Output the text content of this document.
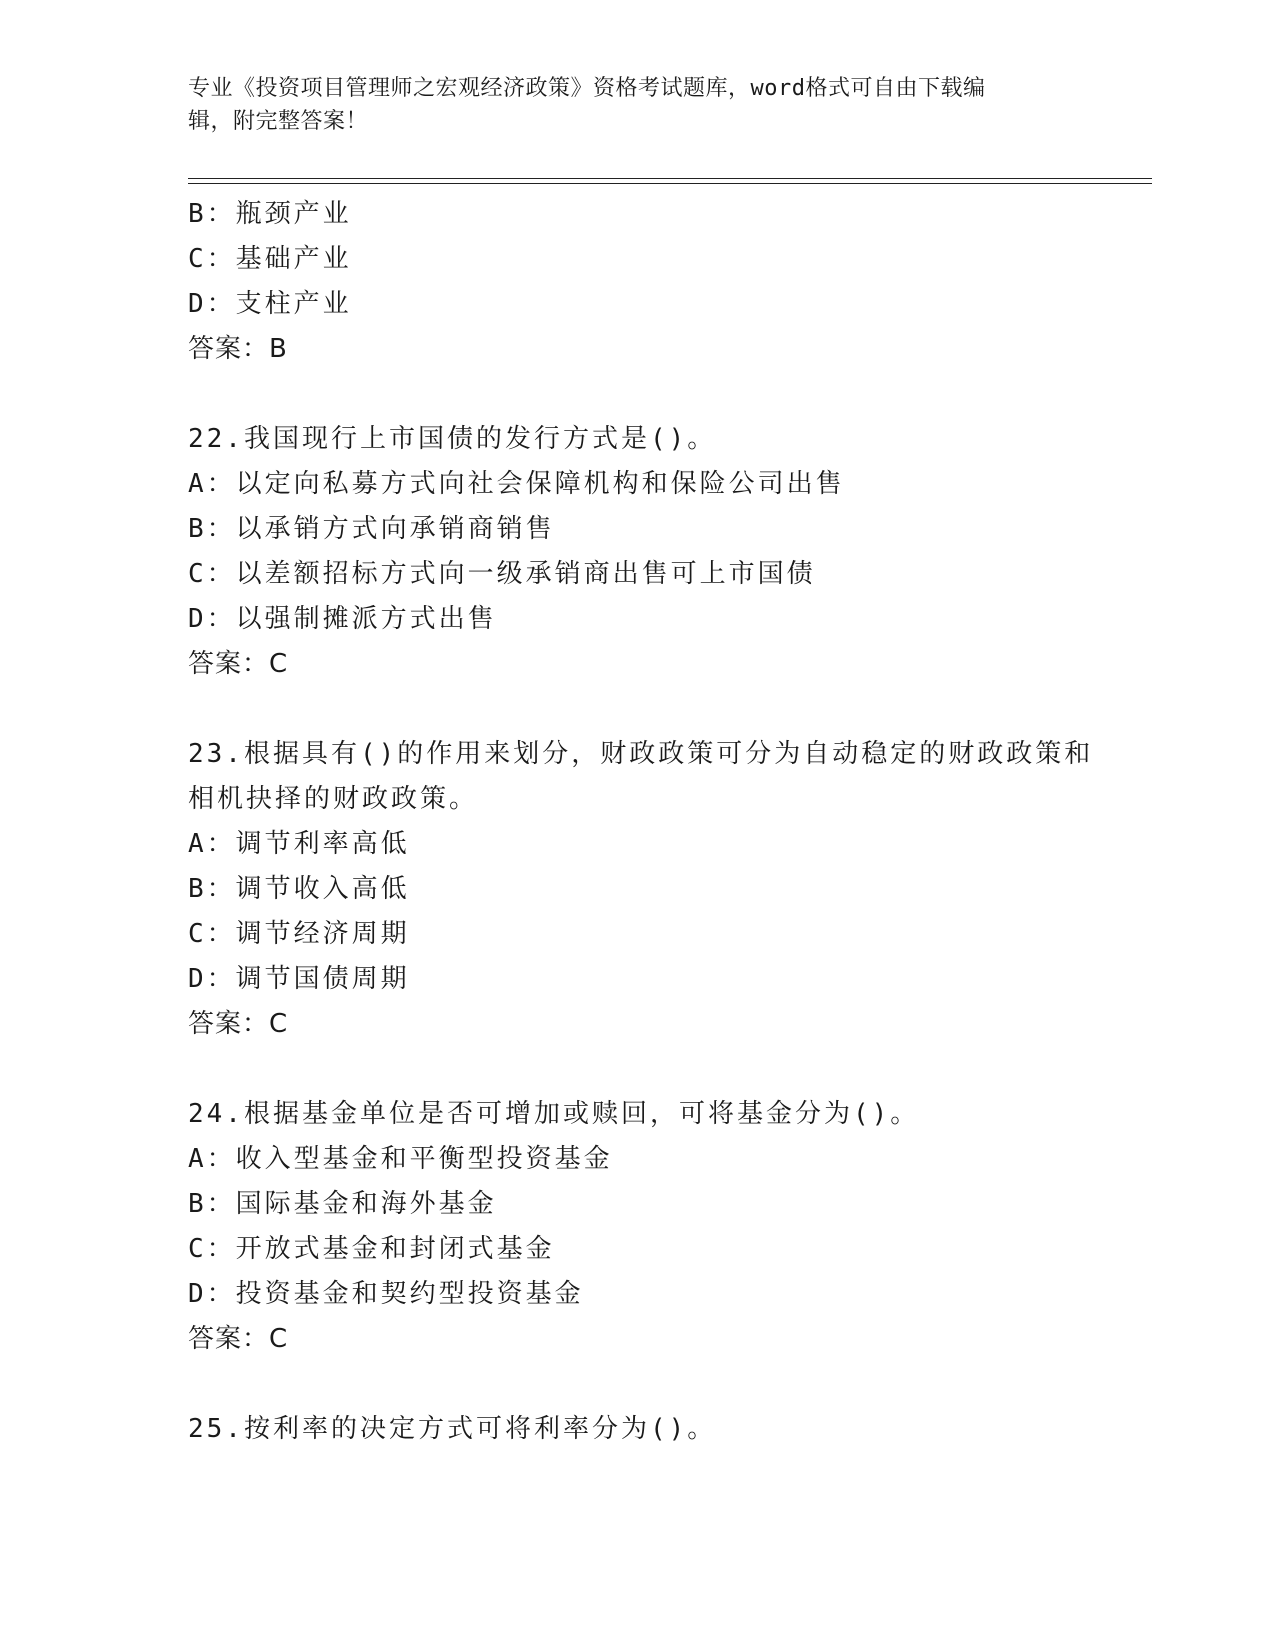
专业《投资项目管理师之宏观经济政策》资格考试题库，word格式可自由下载编
辑，附完整答案！
B：瓶颈产业
C：基础产业
D：支柱产业
答案：B
22.我国现行上市国债的发行方式是()。
A：以定向私募方式向社会保障机构和保险公司出售
B：以承销方式向承销商销售
C：以差额招标方式向一级承销商出售可上市国债
D：以强制摊派方式出售
答案：C
23.根据具有()的作用来划分，财政政策可分为自动稳定的财政政策和
相机抉择的财政政策。
A：调节利率高低
B：调节收入高低
C：调节经济周期
D：调节国债周期
答案：C
24.根据基金单位是否可增加或赎回，可将基金分为()。
A：收入型基金和平衡型投资基金
B：国际基金和海外基金
C：开放式基金和封闭式基金
D：投资基金和契约型投资基金
答案：C
25.按利率的决定方式可将利率分为()。
